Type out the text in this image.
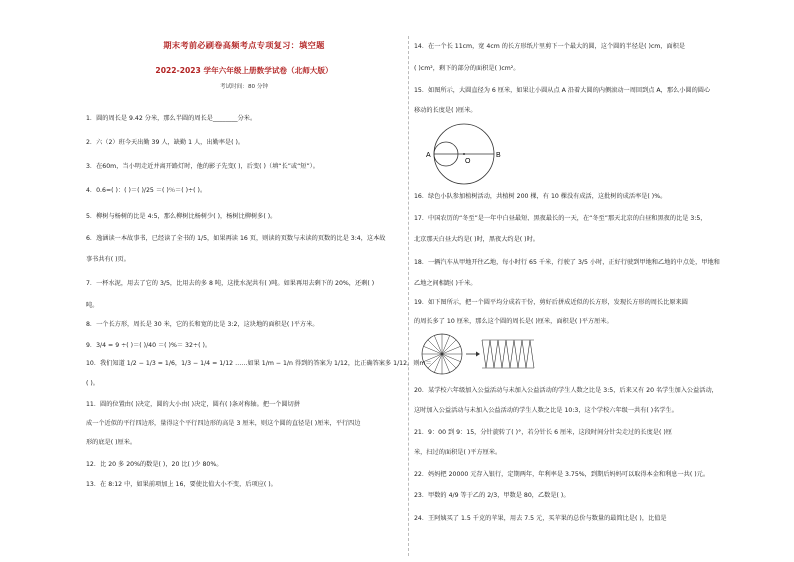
期末考前必刷卷高频考点专项复习：填空题
2022-2023 学年六年级上册数学试卷（北师大版）
考试时间：80 分钟
1．圆的周长是 9.42 分米，那么半圆的周长是________分米。
2．六（2）班今天出勤 39 人，缺勤 1 人，出勤率是( )。
3．在60m，当小明走近并离开路灯时，他的影子先变( )，后变( )（填“长”或“短”）。
4．0.6=( )：( )＝( )/25 ＝( )％＝( )÷( )。
5．柳树与杨树的比是 4:5，那么柳树比杨树少( )，杨树比柳树多( )。
6．逸涵读一本故事书，已经读了全书的 1/5，如果再读 16 页，则读的页数与未读的页数的比是 3:4，这本故
事书共有( )页。
7．一杯水泥，用去了它的 3/5，比用去的多 8 吨，这批水泥共有( )吨。如果再用去剩下的 20%，还剩( )
吨。
8．一个长方形，周长是 30 米，它的长和宽的比是 3:2，这块地的面积是( )平方米。
9．3/4 = 9 ÷( )＝( )/40 ＝( )%＝ 32÷( )。
10．我们知道 1/2 − 1/3 = 1/6，1/3 − 1/4 = 1/12 ……如果 1/m − 1/n 得到的答案为 1/12，比正确答案多 1/12，则m＝
( )。
11．圆的位置由( )决定，圆的大小由( )决定，圆有( )条对称轴。把一个圆切拼
成一个近似的平行四边形，量得这个平行四边形的高是 3 厘米，则这个圆的直径是( )厘米，平行四边
形的底是( )厘米。
12．比 20 多 20%的数是( )，20 比( )少 80%。
13．在 8:12 中，如果前项加上 16，要使比值大小不变，后项应( )。
14．在一个长 11cm，宽 4cm 的长方形纸片里剪下一个最大的圆，这个圆的半径是( )cm，面积是
( )cm²，剩下的部分的面积是( )cm²。
15．如图所示，大圆直径为 6 厘米，如果让小圆从点 A 沿着大圆的内侧滚动一周回到点 A，那么小圆的圆心
移动的长度是( )厘米。
A	B
O
16．绿色小队参加植树活动，共植树 200 棵，有 10 棵没有成活，这批树的成活率是( )%。
17．中国农历的“冬至”是一年中白昼最短、黑夜最长的一天，在“冬至”那天北京的白昼和黑夜的比是 3:5，
北京那天白昼大约是( )时，黑夜大约是( )时。
18．一辆汽车从甲地开往乙地，每小时行 65 千米，行驶了 3/5 小时，正好行驶到甲地和乙地的中点处，甲地和
乙地之间相距( )千米。
19．如下图所示，把一个圆平均分成若干份，剪好后拼成近似的长方形，发现长方形的周长比原来圆
的周长多了 10 厘米，那么这个圆的周长是( )厘米，面积是( )平方厘米。
20．某学校六年级加入公益活动与未加入公益活动的学生人数之比是 3:5，后来又有 20 名学生加入公益活动，
这时加入公益活动与未加入公益活动的学生人数之比是 10:3，这个学校六年级一共有( )名学生。
21．9：00 到 9：15，分针旋转了( )°，若分针长 6 厘米，这段时间分针尖走过的长度是( )厘
米，扫过的面积是( )平方厘米。
22．妈妈把 20000 元存入银行，定期两年，年利率是 3.75%，到期后妈妈可以取得本金和利息一共( )元。
23．甲数的 4/9 等于乙的 2/3，甲数是 80，乙数是( )。
24．王阿姨买了 1.5 千克的苹果，用去 7.5 元，买苹果的总价与数量的最简比是( )，比值是
